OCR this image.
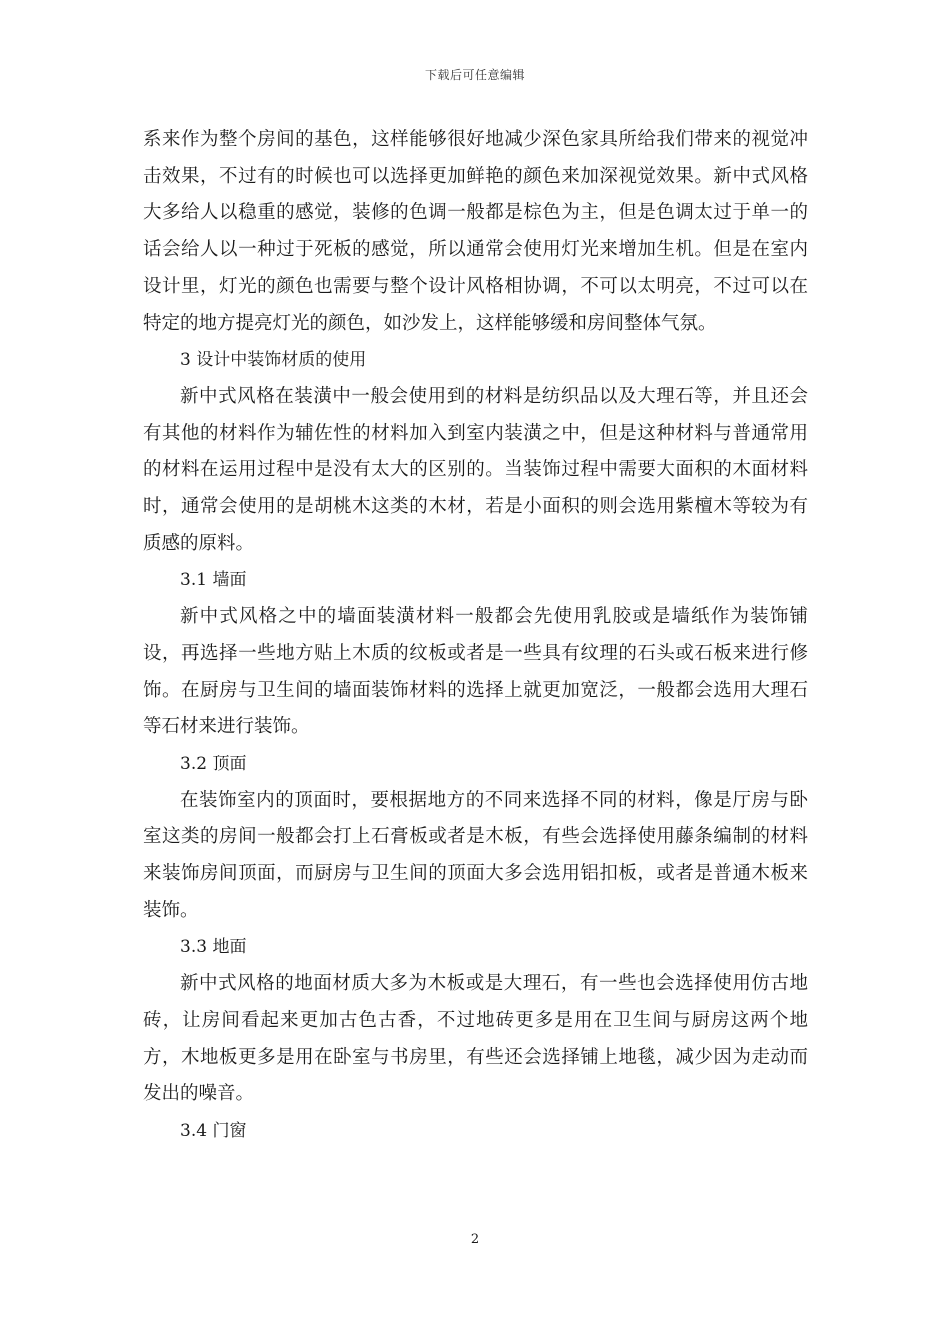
下载后可任意编辑

系来作为整个房间的基色，这样能够很好地减少深色家具所给我们带来的视觉冲击效果，不过有的时候也可以选择更加鲜艳的颜色来加深视觉效果。新中式风格大多给人以稳重的感觉，装修的色调一般都是棕色为主，但是色调太过于单一的话会给人以一种过于死板的感觉，所以通常会使用灯光来增加生机。但是在室内设计里，灯光的颜色也需要与整个设计风格相协调，不可以太明亮，不过可以在特定的地方提亮灯光的颜色，如沙发上，这样能够缓和房间整体气氛。

3 设计中装饰材质的使用

新中式风格在装潢中一般会使用到的材料是纺织品以及大理石等，并且还会有其他的材料作为辅佐性的材料加入到室内装潢之中，但是这种材料与普通常用的材料在运用过程中是没有太大的区别的。当装饰过程中需要大面积的木面材料时，通常会使用的是胡桃木这类的木材，若是小面积的则会选用紫檀木等较为有质感的原料。

3.1 墙面

新中式风格之中的墙面装潢材料一般都会先使用乳胶或是墙纸作为装饰铺设，再选择一些地方贴上木质的纹板或者是一些具有纹理的石头或石板来进行修饰。在厨房与卫生间的墙面装饰材料的选择上就更加宽泛，一般都会选用大理石等石材来进行装饰。

3.2 顶面

在装饰室内的顶面时，要根据地方的不同来选择不同的材料，像是厅房与卧室这类的房间一般都会打上石膏板或者是木板，有些会选择使用藤条编制的材料来装饰房间顶面，而厨房与卫生间的顶面大多会选用铝扣板，或者是普通木板来装饰。

3.3 地面

新中式风格的地面材质大多为木板或是大理石，有一些也会选择使用仿古地砖，让房间看起来更加古色古香，不过地砖更多是用在卫生间与厨房这两个地方，木地板更多是用在卧室与书房里，有些还会选择铺上地毯，减少因为走动而发出的噪音。

3.4 门窗

2
